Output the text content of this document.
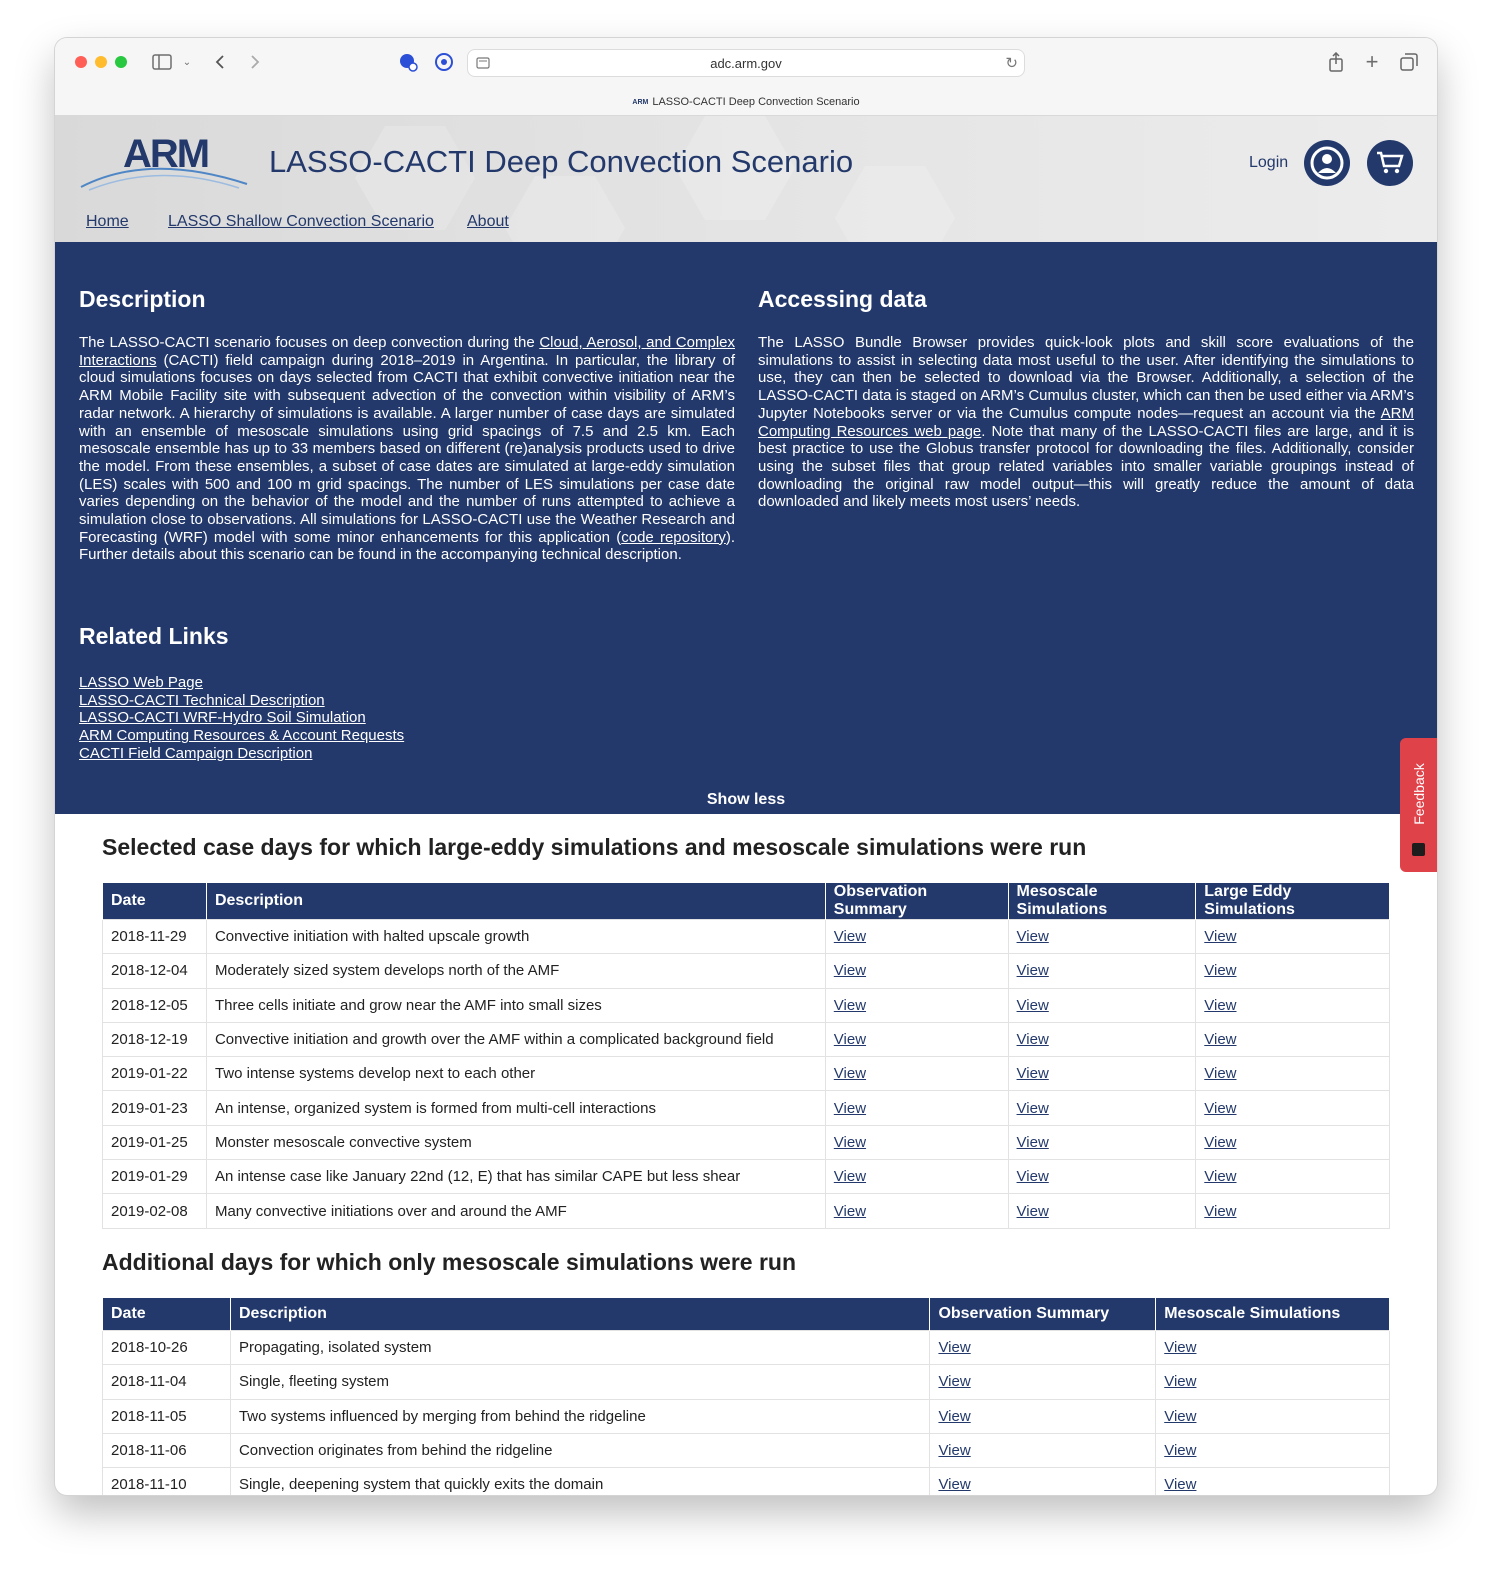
⌄	adc.arm.gov	↻	+
ARM LASSO-CACTI Deep Convection Scenario
ARM LASSO-CACTI Deep Convection Scenario	Login
Home LASSO Shallow Convection Scenario About
Description

The LASSO-CACTI scenario focuses on deep convection during the Cloud, Aerosol, and Complex Interactions (CACTI) field campaign during 2018–2019 in Argentina. In particular, the library of cloud simulations focuses on days selected from CACTI that exhibit convective initiation near the ARM Mobile Facility site with subsequent advection of the convection within visibility of ARM’s radar network. A hierarchy of simulations is available. A larger number of case days are simulated with an ensemble of mesoscale simulations using grid spacings of 7.5 and 2.5 km. Each mesoscale ensemble has up to 33 members based on different (re)analysis products used to drive the model. From these ensembles, a subset of case dates are simulated at large-eddy simulation (LES) scales with 500 and 100 m grid spacings. The number of LES simulations per case date varies depending on the behavior of the model and the number of runs attempted to achieve a simulation close to observations. All simulations for LASSO-CACTI use the Weather Research and Forecasting (WRF) model with some minor enhancements for this application (code repository). Further details about this scenario can be found in the accompanying technical description.

Accessing data

The LASSO Bundle Browser provides quick-look plots and skill score evaluations of the simulations to assist in selecting data most useful to the user. After identifying the simulations to use, they can then be selected to download via the Browser. Additionally, a selection of the LASSO-CACTI data is staged on ARM’s Cumulus cluster, which can then be used either via ARM’s Jupyter Notebooks server or via the Cumulus compute nodes—request an account via the ARM Computing Resources web page. Note that many of the LASSO-CACTI files are large, and it is best practice to use the Globus transfer protocol for downloading the files. Additionally, consider using the subset files that group related variables into smaller variable groupings instead of downloading the original raw model output—this will greatly reduce the amount of data downloaded and likely meets most users’ needs.

Related Links
LASSO Web Page
LASSO-CACTI Technical Description
LASSO-CACTI WRF-Hydro Soil Simulation
ARM Computing Resources & Account Requests
CACTI Field Campaign Description
Show less	Feedback
Selected case days for which large-eddy simulations and mesoscale simulations were run
Date	Description	Observation Summary	Mesoscale Simulations	Large Eddy Simulations
2018-11-29	Convective initiation with halted upscale growth	View	View	View
2018-12-04	Moderately sized system develops north of the AMF	View	View	View
2018-12-05	Three cells initiate and grow near the AMF into small sizes	View	View	View
2018-12-19	Convective initiation and growth over the AMF within a complicated background field	View	View	View
2019-01-22	Two intense systems develop next to each other	View	View	View
2019-01-23	An intense, organized system is formed from multi-cell interactions	View	View	View
2019-01-25	Monster mesoscale convective system	View	View	View
2019-01-29	An intense case like January 22nd (12, E) that has similar CAPE but less shear	View	View	View
2019-02-08	Many convective initiations over and around the AMF	View	View	View
Additional days for which only mesoscale simulations were run
Date	Description	Observation Summary	Mesoscale Simulations
2018-10-26	Propagating, isolated system	View	View
2018-11-04	Single, fleeting system	View	View
2018-11-05	Two systems influenced by merging from behind the ridgeline	View	View
2018-11-06	Convection originates from behind the ridgeline	View	View
2018-11-10	Single, deepening system that quickly exits the domain	View	View
